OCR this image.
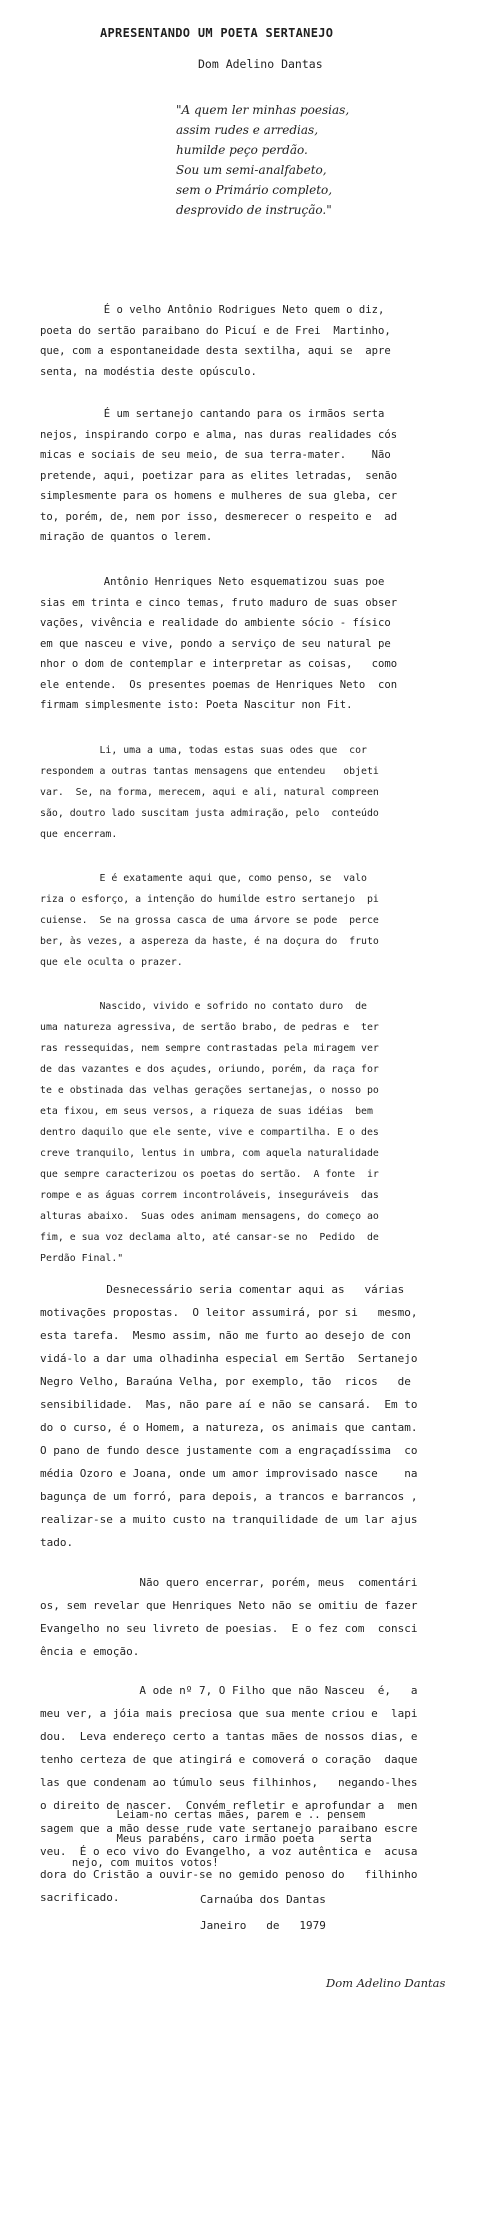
APRESENTANDO UM POETA SERTANEJO
Dom Adelino Dantas
"A quem ler minhas poesias,
assim rudes e arredias,
humilde peço perdão.
Sou um semi-analfabeto,
sem o Primário completo,
desprovido de instrução."
É o velho Antônio Rodrigues Neto quem o diz,
poeta do sertão paraibano do Picuí e de Frei  Martinho,
que, com a espontaneidade desta sextilha, aqui se  apre
senta, na modéstia deste opúsculo.
É um sertanejo cantando para os irmãos serta
nejos, inspirando corpo e alma, nas duras realidades cós
micas e sociais de seu meio, de sua terra-mater.    Não
pretende, aqui, poetizar para as elites letradas,  senão
simplesmente para os homens e mulheres de sua gleba, cer
to, porém, de, nem por isso, desmerecer o respeito e  ad
miração de quantos o lerem.
Antônio Henriques Neto esquematizou suas poe
sias em trinta e cinco temas, fruto maduro de suas obser
vações, vivência e realidade do ambiente sócio - físico
em que nasceu e vive, pondo a serviço de seu natural pe
nhor o dom de contemplar e interpretar as coisas,   como
ele entende.  Os presentes poemas de Henriques Neto  con
firmam simplesmente isto: Poeta Nascitur non Fit.
Li, uma a uma, todas estas suas odes que  cor
respondem a outras tantas mensagens que entendeu   objeti
var.  Se, na forma, merecem, aqui e ali, natural compreen
são, doutro lado suscitam justa admiração, pelo  conteúdo
que encerram.
E é exatamente aqui que, como penso, se  valo
riza o esforço, a intenção do humilde estro sertanejo  pi
cuiense.  Se na grossa casca de uma árvore se pode  perce
ber, às vezes, a aspereza da haste, é na doçura do  fruto
que ele oculta o prazer.
Nascido, vivido e sofrido no contato duro  de
uma natureza agressiva, de sertão brabo, de pedras e  ter
ras ressequidas, nem sempre contrastadas pela miragem ver
de das vazantes e dos açudes, oriundo, porém, da raça for
te e obstinada das velhas gerações sertanejas, o nosso po
eta fixou, em seus versos, a riqueza de suas idéias  bem
dentro daquilo que ele sente, vive e compartilha. E o des
creve tranquilo, lentus in umbra, com aquela naturalidade
que sempre caracterizou os poetas do sertão.  A fonte  ir
rompe e as águas correm incontroláveis, inseguráveis  das
alturas abaixo.  Suas odes animam mensagens, do começo ao
fim, e sua voz declama alto, até cansar-se no  Pedido  de
Perdão Final."
Desnecessário seria comentar aqui as   várias
motivações propostas.  O leitor assumirá, por si   mesmo,
esta tarefa.  Mesmo assim, não me furto ao desejo de con
vidá-lo a dar uma olhadinha especial em Sertão  Sertanejo
Negro Velho, Baraúna Velha, por exemplo, tão  ricos   de
sensibilidade.  Mas, não pare aí e não se cansará.  Em to
do o curso, é o Homem, a natureza, os animais que cantam.
O pano de fundo desce justamente com a engraçadíssima  co
média Ozoro e Joana, onde um amor improvisado nasce    na
bagunça de um forró, para depois, a trancos e barrancos ,
realizar-se a muito custo na tranquilidade de um lar ajus
tado.
Não quero encerrar, porém, meus  comentári
os, sem revelar que Henriques Neto não se omitiu de fazer
Evangelho no seu livreto de poesias.  E o fez com  consci
ência e emoção.
A ode nº 7, O Filho que não Nasceu  é,   a
meu ver, a jóia mais preciosa que sua mente criou e  lapi
dou.  Leva endereço certo a tantas mães de nossos dias, e
tenho certeza de que atingirá e comoverá o coração  daque
las que condenam ao túmulo seus filhinhos,   negando-lhes
o direito de nascer.  Convém refletir e aprofundar a  men
sagem que a mão desse rude vate sertanejo paraibano escre
veu.  É o eco vivo do Evangelho, a voz autêntica e  acusa
dora do Cristão a ouvir-se no gemido penoso do   filhinho
sacrificado.
Leiam-no certas mães, parem e .. pensem
Meus parabéns, caro irmão poeta    serta
nejo, com muitos votos!
Carnaúba dos Dantas
Janeiro   de   1979
Dom Adelino Dantas
